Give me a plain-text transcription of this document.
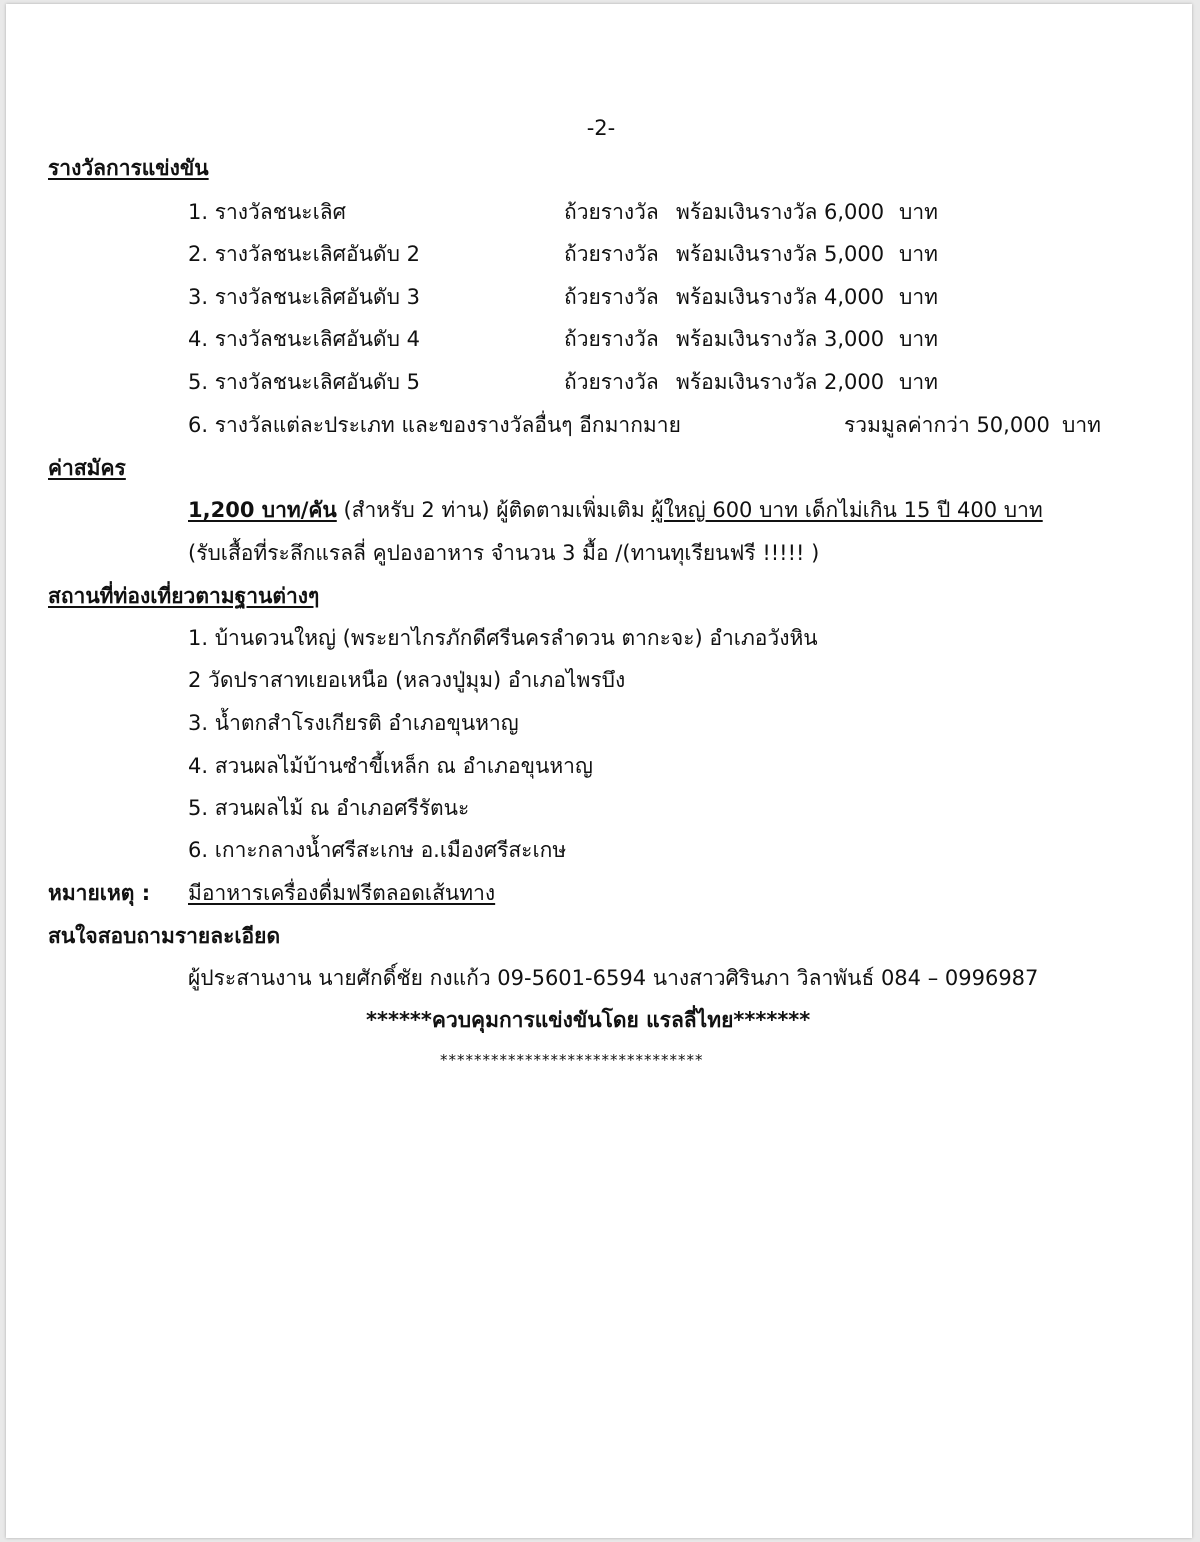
-2-
รางวัลการแข่งขัน
1. รางวัลชนะเลิศ	ถ้วยรางวัล พร้อมเงินรางวัล 6,000 บาท
2. รางวัลชนะเลิศอันดับ 2	ถ้วยรางวัล พร้อมเงินรางวัล 5,000 บาท
3. รางวัลชนะเลิศอันดับ 3	ถ้วยรางวัล พร้อมเงินรางวัล 4,000 บาท
4. รางวัลชนะเลิศอันดับ 4	ถ้วยรางวัล พร้อมเงินรางวัล 3,000 บาท
5. รางวัลชนะเลิศอันดับ 5	ถ้วยรางวัล พร้อมเงินรางวัล 2,000 บาท
6. รางวัลแต่ละประเภท และของรางวัลอื่นๆ อีกมากมาย	รวมมูลค่ากว่า 50,000 บาท
ค่าสมัคร
1,200 บาท/คัน (สำหรับ 2 ท่าน) ผู้ติดตามเพิ่มเติม ผู้ใหญ่ 600 บาท เด็กไม่เกิน 15 ปี 400 บาท
(รับเสื้อที่ระลึกแรลลี่ คูปองอาหาร จำนวน 3 มื้อ /(ทานทุเรียนฟรี !!!!! )
สถานที่ท่องเที่ยวตามฐานต่างๆ
1. บ้านดวนใหญ่ (พระยาไกรภักดีศรีนครลำดวน ตากะจะ) อำเภอวังหิน
2 วัดปราสาทเยอเหนือ (หลวงปู่มุม) อำเภอไพรบึง
3. น้ำตกสำโรงเกียรติ อำเภอขุนหาญ
4. สวนผลไม้บ้านซำขี้เหล็ก ณ อำเภอขุนหาญ
5. สวนผลไม้ ณ อำเภอศรีรัตนะ
6. เกาะกลางน้ำศรีสะเกษ อ.เมืองศรีสะเกษ
หมายเหตุ : มีอาหารเครื่องดื่มฟรีตลอดเส้นทาง
สนใจสอบถามรายละเอียด
ผู้ประสานงาน นายศักดิ์ชัย กงแก้ว 09-5601-6594 นางสาวศิรินภา วิลาพันธ์ 084 – 0996987
******ควบคุมการแข่งขันโดย แรลลี่ไทย*******
*******************************
